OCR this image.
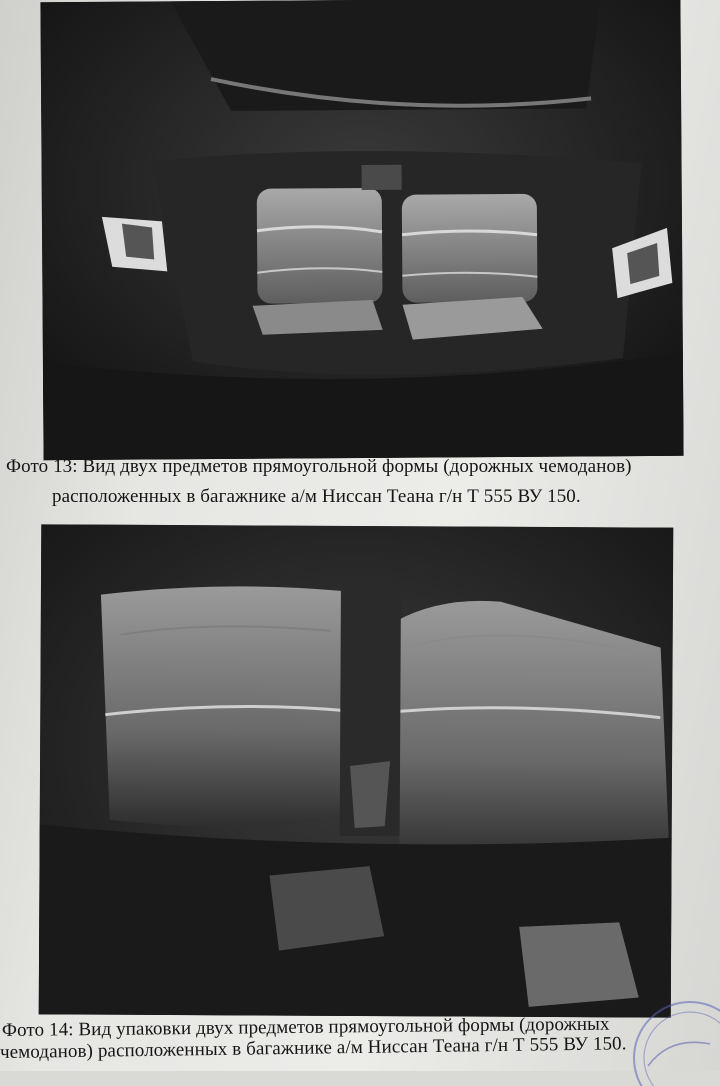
Фото 13: Вид двух предметов прямоугольной формы (дорожных чемоданов)
расположенных в багажнике а/м Ниссан Теана г/н Т 555 ВУ 150.
Фото 14: Вид упаковки двух предметов прямоугольной формы (дорожных
чемоданов) расположенных в багажнике а/м Ниссан Теана г/н Т 555 ВУ 150.
